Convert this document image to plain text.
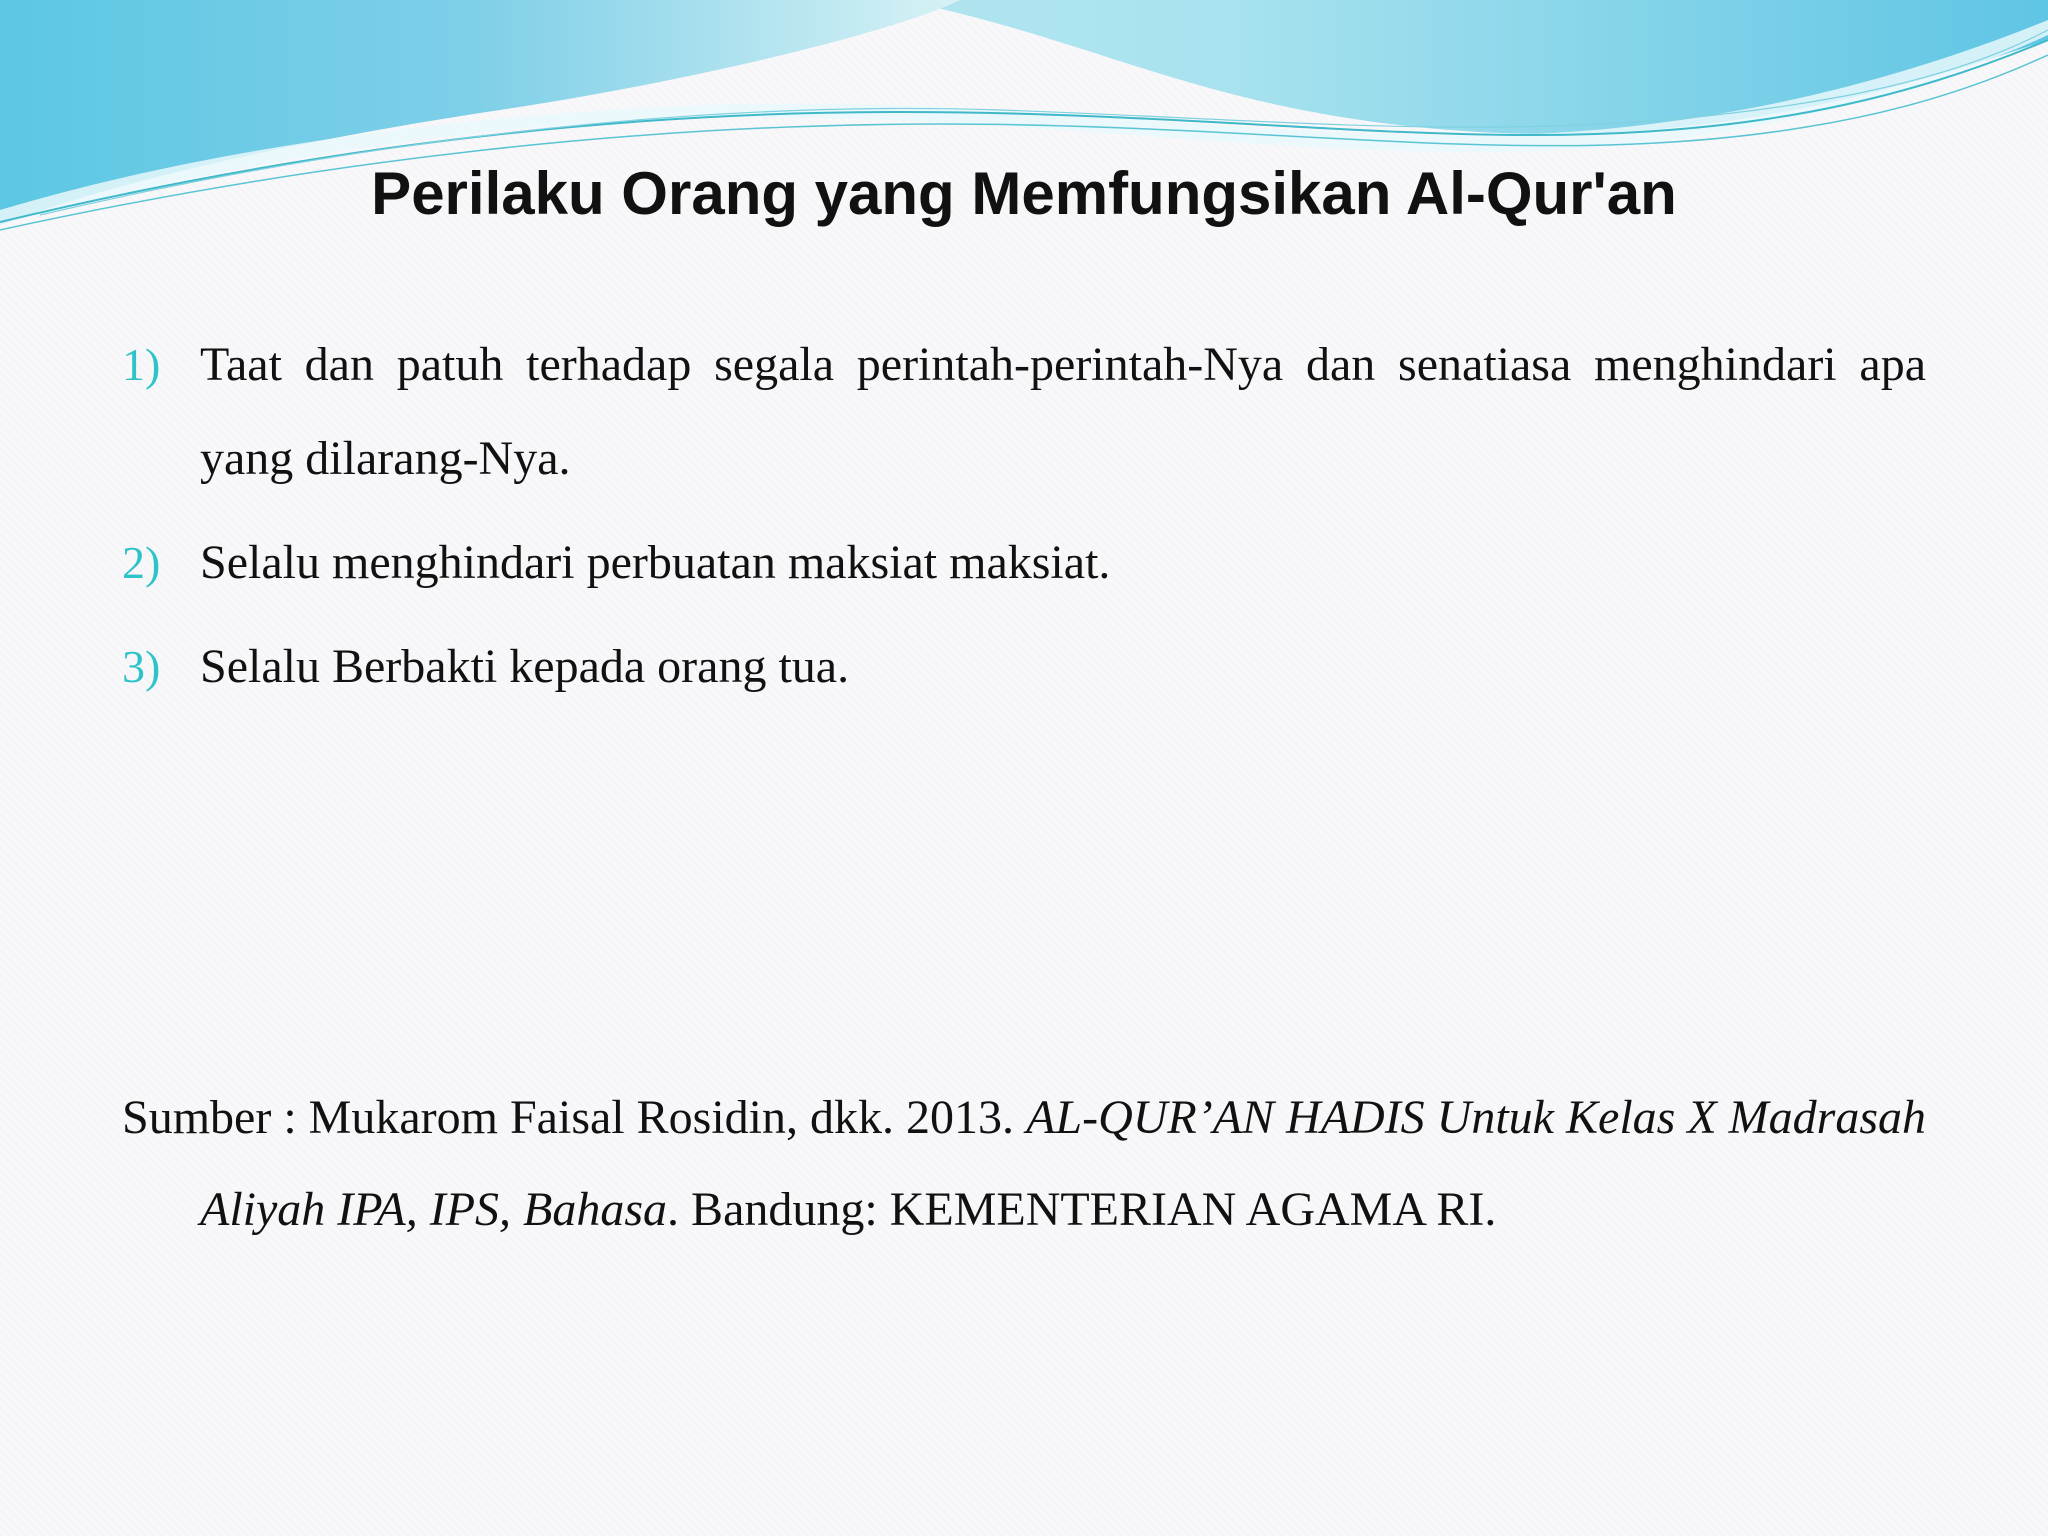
Perilaku Orang yang Memfungsikan Al-Qur'an
1) Taat dan patuh terhadap segala perintah-perintah-Nya dan senatiasa menghindari apa yang dilarang-Nya.
2) Selalu menghindari perbuatan maksiat maksiat.
3) Selalu Berbakti kepada orang tua.

Sumber : Mukarom Faisal Rosidin, dkk. 2013. AL-QUR’AN HADIS Untuk Kelas X Madrasah Aliyah IPA, IPS, Bahasa. Bandung: KEMENTERIAN AGAMA RI.
